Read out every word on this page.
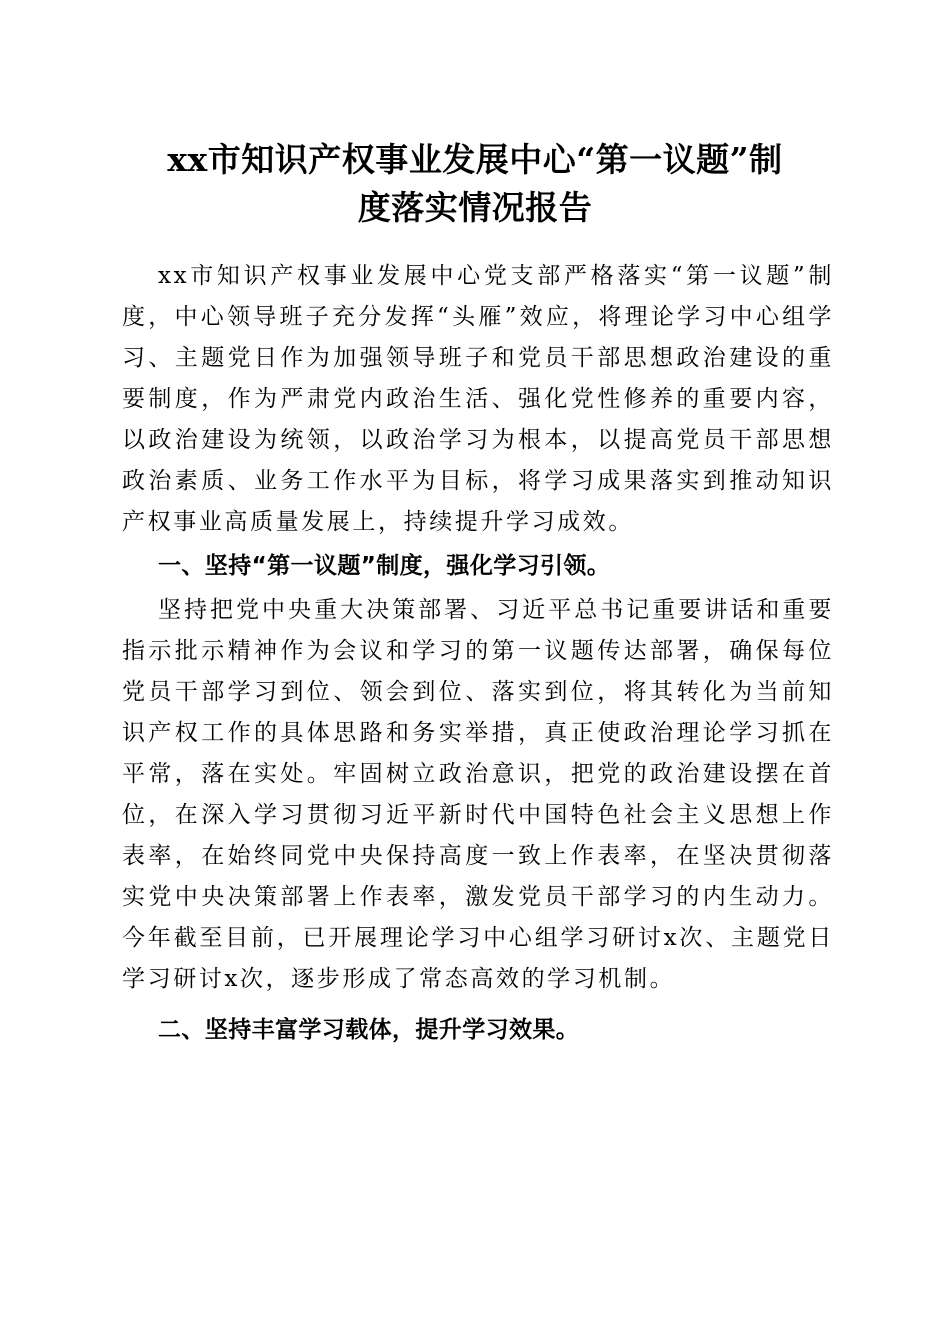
xx市知识产权事业发展中心“第一议题”制
度落实情况报告

xx市知识产权事业发展中心党支部严格落实“第一议题”制度，中心领导班子充分发挥“头雁”效应，将理论学习中心组学习、主题党日作为加强领导班子和党员干部思想政治建设的重要制度，作为严肃党内政治生活、强化党性修养的重要内容，以政治建设为统领，以政治学习为根本，以提高党员干部思想政治素质、业务工作水平为目标，将学习成果落实到推动知识产权事业高质量发展上，持续提升学习成效。

一、坚持“第一议题”制度，强化学习引领。

坚持把党中央重大决策部署、习近平总书记重要讲话和重要指示批示精神作为会议和学习的第一议题传达部署，确保每位党员干部学习到位、领会到位、落实到位，将其转化为当前知识产权工作的具体思路和务实举措，真正使政治理论学习抓在平常，落在实处。牢固树立政治意识，把党的政治建设摆在首位，在深入学习贯彻习近平新时代中国特色社会主义思想上作表率，在始终同党中央保持高度一致上作表率，在坚决贯彻落实党中央决策部署上作表率，激发党员干部学习的内生动力。今年截至目前，已开展理论学习中心组学习研讨x次、主题党日学习研讨x次，逐步形成了常态高效的学习机制。

二、坚持丰富学习载体，提升学习效果。
